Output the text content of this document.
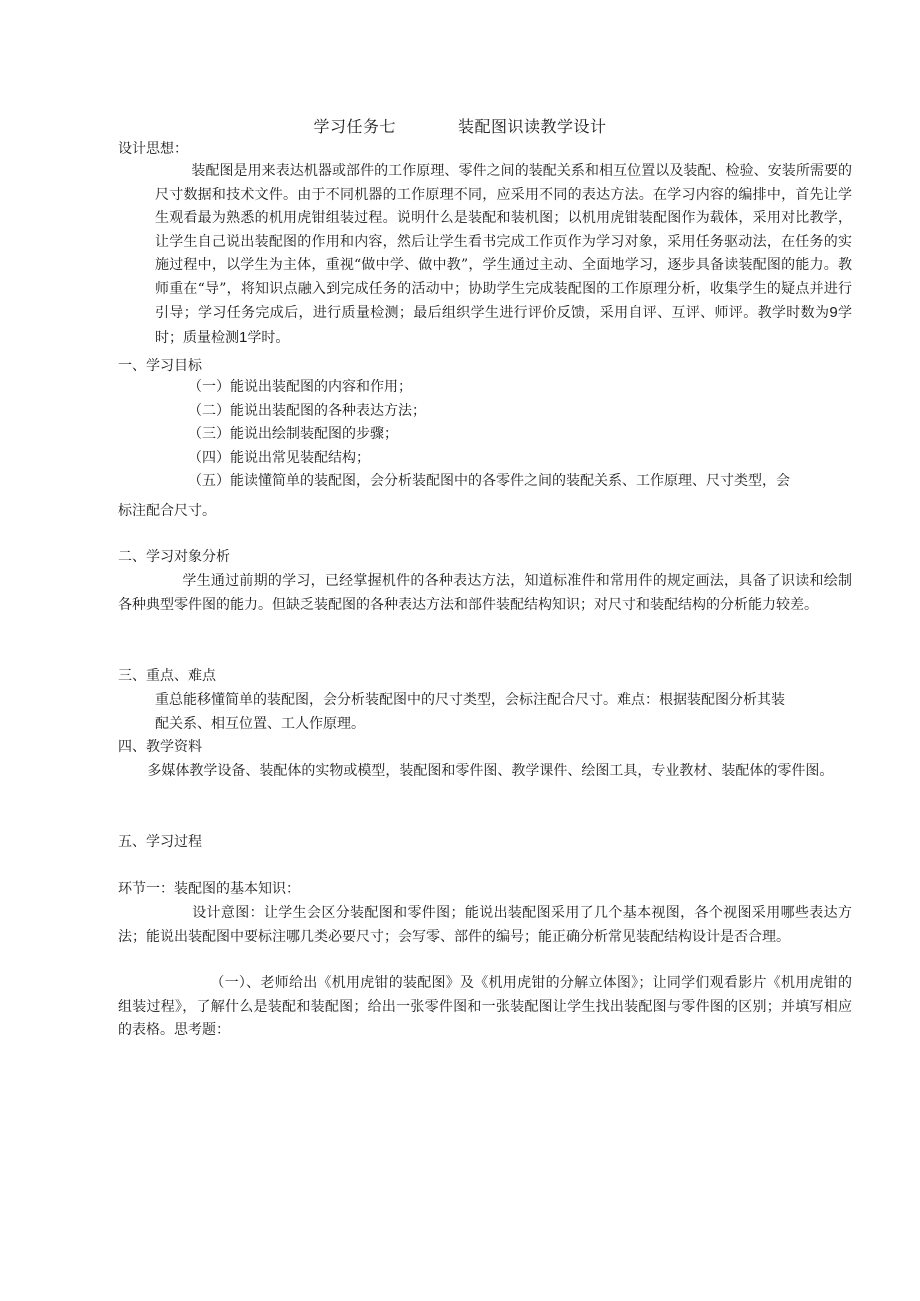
学习任务七	装配图识读教学设计
设计思想：
装配图是用来表达机器或部件的工作原理、零件之间的装配关系和相互位置以及装配、检验、安装所需要的尺寸数据和技术文件。由于不同机器的工作原理不同，应采用不同的表达方法。在学习内容的编排中，首先让学生观看最为熟悉的机用虎钳组装过程。说明什么是装配和装机图；以机用虎钳装配图作为载体，采用对比教学，让学生自己说出装配图的作用和内容，然后让学生看书完成工作页作为学习对象，采用任务驱动法，在任务的实施过程中，以学生为主体，重视“做中学、做中教”，学生通过主动、全面地学习，逐步具备读装配图的能力。教师重在“导”，将知识点融入到完成任务的活动中；协助学生完成装配图的工作原理分析，收集学生的疑点并进行引导；学习任务完成后，进行质量检测；最后组织学生进行评价反馈，采用自评、互评、师评。教学时数为9学时；质量检测1学时。
一、学习目标
（一）能说出装配图的内容和作用；
（二）能说出装配图的各种表达方法；
（三）能说出绘制装配图的步骤；
（四）能说出常见装配结构；
（五）能读懂简单的装配图，会分析装配图中的各零件之间的装配关系、工作原理、尺寸类型，会
标注配合尺寸。
二、学习对象分析
学生通过前期的学习，已经掌握机件的各种表达方法，知道标准件和常用件的规定画法，具备了识读和绘制各种典型零件图的能力。但缺乏装配图的各种表达方法和部件装配结构知识；对尺寸和装配结构的分析能力较差。
三、重点、难点
重总能移懂简单的装配图，会分析装配图中的尺寸类型，会标注配合尺寸。难点：根据装配图分析其装
配关系、相互位置、工人作原理。
四、教学资料
多媒体教学设备、装配体的实物或模型，装配图和零件图、教学课件、绘图工具，专业教材、装配体的零件图。
五、学习过程
环节一：装配图的基本知识：
设计意图：让学生会区分装配图和零件图；能说出装配图采用了几个基本视图，各个视图采用哪些表达方法；能说出装配图中要标注哪几类必要尺寸；会写零、部件的编号；能正确分析常见装配结构设计是否合理。
（一）、老师给出《机用虎钳的装配图》及《机用虎钳的分解立体图》；让同学们观看影片《机用虎钳的组装过程》，了解什么是装配和装配图；给出一张零件图和一张装配图让学生找出装配图与零件图的区别；并填写相应的表格。思考题：
